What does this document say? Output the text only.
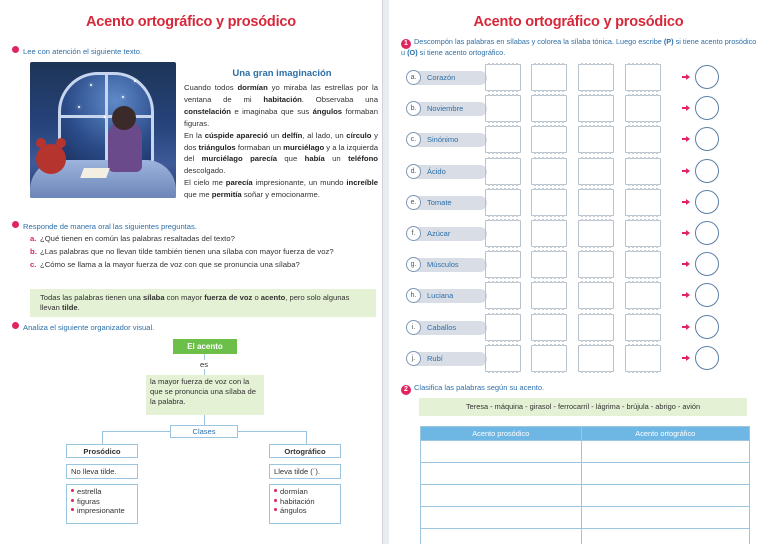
Acento ortográfico y prosódico
Lee con atención el siguiente texto.
Una gran imaginación
Cuando todos dormían yo miraba las estrellas por la ventana de mi habitación. Observaba una constelación e imaginaba que sus ángulos formaban figuras.
En la cúspide apareció un delfín, al lado, un círculo y dos triángulos formaban un murciélago y a la izquierda del murciélago parecía que había un teléfono descolgado.
El cielo me parecía impresionante, un mundo increíble que me permitía soñar y emocionarme.
Responde de manera oral las siguientes preguntas.
a. ¿Qué tienen en común las palabras resaltadas del texto?
b. ¿Las palabras que no llevan tilde también tienen una sílaba con mayor fuerza de voz?
c. ¿Cómo se llama a la mayor fuerza de voz con que se pronuncia una sílaba?
Todas las palabras tienen una sílaba con mayor fuerza de voz o acento, pero solo algunas llevan tilde.
Analiza el siguiente organizador visual.
El acento
es
la mayor fuerza de voz con la que se pronuncia una sílaba de la palabra.
Clases
Prosódico
No lleva tilde.
estrella
figuras
impresionante
Ortográfico
Lleva tilde (´).
dormían
habitación
ángulos
Acento ortográfico y prosódico
1 Descompón las palabras en sílabas y colorea la sílaba tónica. Luego escribe (P) si tiene acento prosódico u (O) si tiene acento ortográfico.
a.	Corazón
b.	Noviembre
c.	Sinónimo
d.	Ácido
e.	Tomate
f.	Azúcar
g.	Músculos
h.	Luciana
i.	Caballos
j.	Rubí
2 Clasifica las palabras según su acento.
Teresa - máquina - girasol - ferrocarril - lágrima - brújula - abrigo - avión
Acento prosódico	Acento ortográfico
